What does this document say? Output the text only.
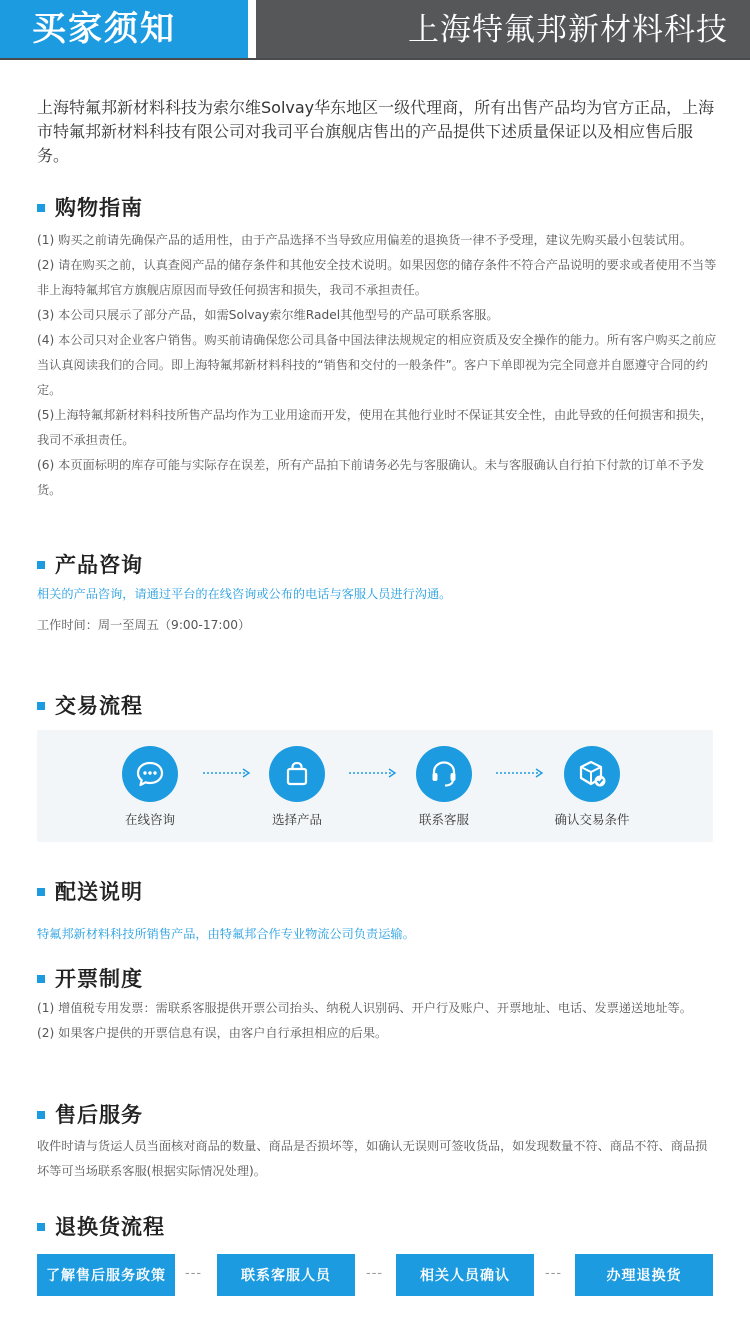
买家须知	上海特氟邦新材料科技
上海特氟邦新材料科技为索尔维Solvay华东地区一级代理商，所有出售产品均为官方正品，上海市特氟邦新材料科技有限公司对我司平台旗舰店售出的产品提供下述质量保证以及相应售后服务。
购物指南

(1) 购买之前请先确保产品的适用性，由于产品选择不当导致应用偏差的退换货一律不予受理，建议先购买最小包装试用。

(2) 请在购买之前，认真查阅产品的储存条件和其他安全技术说明。如果因您的储存条件不符合产品说明的要求或者使用不当等非上海特氟邦官方旗舰店原因而导致任何损害和损失，我司不承担责任。

(3) 本公司只展示了部分产品，如需Solvay索尔维Radel其他型号的产品可联系客服。

(4) 本公司只对企业客户销售。购买前请确保您公司具备中国法律法规规定的相应资质及安全操作的能力。所有客户购买之前应当认真阅读我们的合同。即上海特氟邦新材料科技的“销售和交付的一般条件”。客户下单即视为完全同意并自愿遵守合同的约定。

(5)上海特氟邦新材料科技所售产品均作为工业用途而开发，使用在其他行业时不保证其安全性，由此导致的任何损害和损失，我司不承担责任。

(6) 本页面标明的库存可能与实际存在误差，所有产品拍下前请务必先与客服确认。未与客服确认自行拍下付款的订单不予发货。

产品咨询
相关的产品咨询，请通过平台的在线咨询或公布的电话与客服人员进行沟通。
工作时间：周一至周五（9:00-17:00）
交易流程
在线咨询	选择产品	联系客服	确认交易条件
配送说明
特氟邦新材料科技所销售产品，由特氟邦合作专业物流公司负责运输。
开票制度

(1) 增值税专用发票：需联系客服提供开票公司抬头、纳税人识别码、开户行及账户、开票地址、电话、发票递送地址等。

(2) 如果客户提供的开票信息有误，由客户自行承担相应的后果。

售后服务
收件时请与货运人员当面核对商品的数量、商品是否损坏等，如确认无误则可签收货品，如发现数量不符、商品不符、商品损坏等可当场联系客服(根据实际情况处理)。
退换货流程
了解售后服务政策	---	联系客服人员	---	相关人员确认	---	办理退换货
